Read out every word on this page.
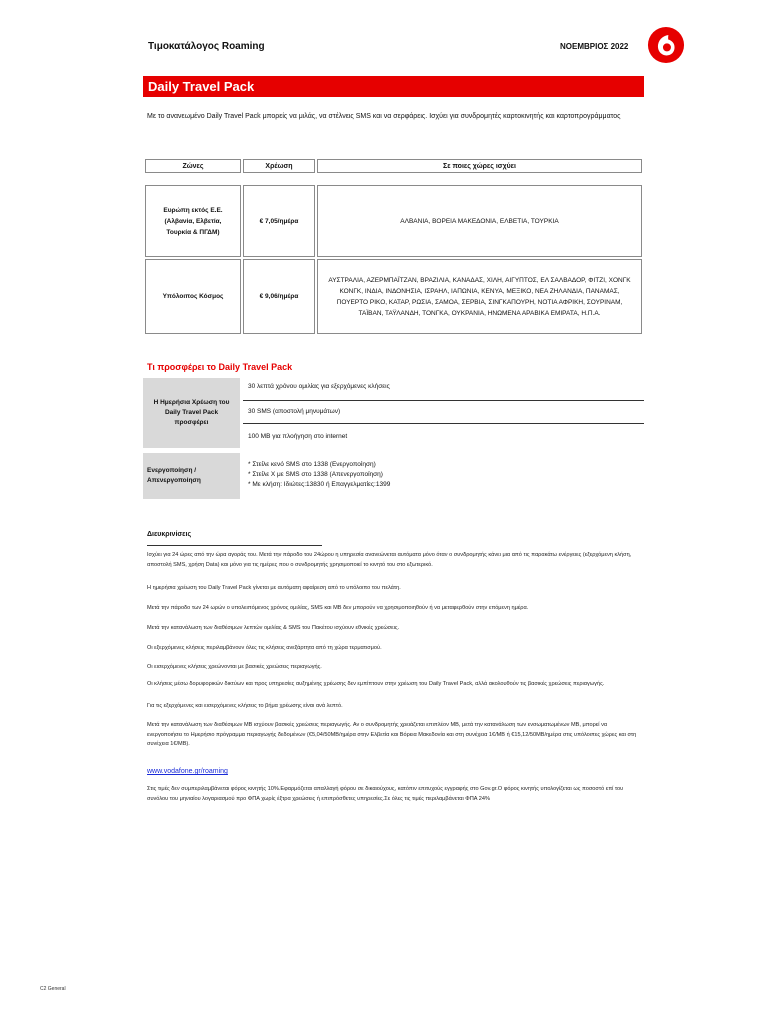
Τιμοκατάλογος Roaming	ΝΟΕΜΒΡΙΟΣ 2022
Daily Travel Pack
Με το ανανεωμένο Daily Travel Pack μπορείς να μιλάς, να στέλνεις SMS και να σερφάρεις. Ισχύει για συνδρομητές καρτοκινητής και καρτοπρογράμματος
Ζώνες	Χρέωση	Σε ποιες χώρες ισχύει

Ευρώπη εκτός Ε.Ε.
(Αλβανία, Ελβετία,
Τουρκία & ΠΓΔΜ)	€ 7,05/ημέρα	ΑΛΒΑΝΙΑ, ΒΟΡΕΙΑ ΜΑΚΕΔΟΝΙΑ, ΕΛΒΕΤΙΑ, ΤΟΥΡΚΙΑ

Υπόλοιπος Κόσμος	€ 9,06/ημέρα	ΑΥΣΤΡΑΛΙΑ, ΑΖΕΡΜΠΑΪΤΖΑΝ, ΒΡΑΖΙΛΙΑ, ΚΑΝΑΔΑΣ, ΧΙΛΗ, ΑΙΓΥΠΤΟΣ, ΕΛ ΣΑΛΒΑΔΟΡ, ΦΙΤΖΙ, ΧΟΝΓΚ ΚΟΝΓΚ, ΙΝΔΙΑ, ΙΝΔΟΝΗΣΙΑ, ΙΣΡΑΗΛ, ΙΑΠΩΝΙΑ, ΚΕΝΥΑ, ΜΕΞΙΚΟ, ΝΕΑ ΖΗΛΑΝΔΙΑ, ΠΑΝΑΜΑΣ, ΠΟΥΕΡΤΟ ΡΙΚΟ, ΚΑΤΑΡ, ΡΩΣΙΑ, ΣΑΜΟΑ, ΣΕΡΒΙΑ, ΣΙΝΓΚΑΠΟΥΡΗ, ΝΟΤΙΑ ΑΦΡΙΚΗ, ΣΟΥΡΙΝΑΜ, ΤΑΪΒΑΝ, ΤΑΫΛΑΝΔΗ, ΤΟΝΓΚΑ, ΟΥΚΡΑΝΙΑ, ΗΝΩΜΕΝΑ ΑΡΑΒΙΚΑ ΕΜΙΡΑΤΑ, Η.Π.Α.
Τι προσφέρει το Daily Travel Pack
Η Ημερήσια Χρέωση του
Daily Travel Pack
προσφέρει
30 λεπτά χρόνου ομιλίας για εξερχόμενες κλήσεις
30 SMS (αποστολή μηνυμάτων)
100 MB για πλοήγηση στο internet
Ενεργοποίηση /
Απενεργοποίηση
* Στείλε κενό SMS στο 1338 (Ενεργοποίηση)
* Στείλε Χ με SMS στο 1338 (Απενεργοποίηση)
* Με κλήση: Ιδιώτες:13830 ή Επαγγελματίες:1399
Διευκρινίσεις
Ισχύει για 24 ώρες από την ώρα αγοράς του. Μετά την πάροδο του 24ώρου η υπηρεσία ανανεώνεται αυτόματα μόνο όταν ο συνδρομητής κάνει μια από τις παρακάτω ενέργειες (εξερχόμενη κλήση, αποστολή SMS, χρήση Data) και μόνο για τις ημέρες που ο συνδρομητής χρησιμοποιεί το κινητό του στο εξωτερικό.
Η ημερήσια χρέωση του Daily Travel Pack γίνεται με αυτόματη αφαίρεση από το υπόλοιπο του πελάτη.
Μετά την πάροδο των 24 ωρών ο υπολειπόμενος χρόνος ομιλίας, SMS και MB δεν μπορούν να χρησιμοποιηθούν ή να μεταφερθούν στην επόμενη ημέρα.
Μετά την κατανάλωση των διαθέσιμων λεπτών ομιλίας & SMS του Πακέτου ισχύουν εθνικές χρεώσεις.
Οι εξερχόμενες κλήσεις περιλαμβάνουν όλες τις κλήσεις ανεξάρτητα από τη χώρα τερματισμού.
Οι εισερχόμενες κλήσεις χρεώνονται με βασικές χρεώσεις περιαγωγής.
Οι κλήσεις μέσω δορυφορικών δικτύων και προς υπηρεσίες αυξημένης χρέωσης δεν εμπίπτουν στην χρέωση του Daily Travel Pack, αλλά ακολουθούν τις βασικές χρεώσεις περιαγωγής.
Για τις εξερχόμενες και εισερχόμενες κλήσεις το βήμα χρέωσης είναι ανά λεπτό.
Μετά την κατανάλωση των διαθέσιμων MB ισχύουν βασικές χρεώσεις περιαγωγής. Αν ο συνδρομητής χρειάζεται επιπλέον MB, μετά την κατανάλωση των ενσωματωμένων MB, μπορεί να ενεργοποιήσει το Ημερήσιο πρόγραμμα περιαγωγής δεδομένων (€5,04/50MB/ημέρα στην Ελβετία και Βόρεια Μακεδονία και στη συνέχεια 1€/MB ή €15,12/50MB/ημέρα στις υπόλοιπες χώρες και στη συνέχεια 1€/MB).
www.vodafone.gr/roaming
Στις τιμές δεν συμπεριλαμβάνεται φόρος κινητής 10%.Εφαρμόζεται απαλλαγή φόρου σε δικαιούχους, κατόπιν επιτυχούς εγγραφής στο Gov.gr.Ο φόρος κινητής υπολογίζεται ως ποσοστό επί του συνόλου του μηνιαίου λογαριασμού προ ΦΠΑ χωρίς έξτρα χρεώσεις ή επιπρόσθετες υπηρεσίες.Σε όλες τις τιμές περιλαμβάνεται ΦΠΑ 24%
C2 General
